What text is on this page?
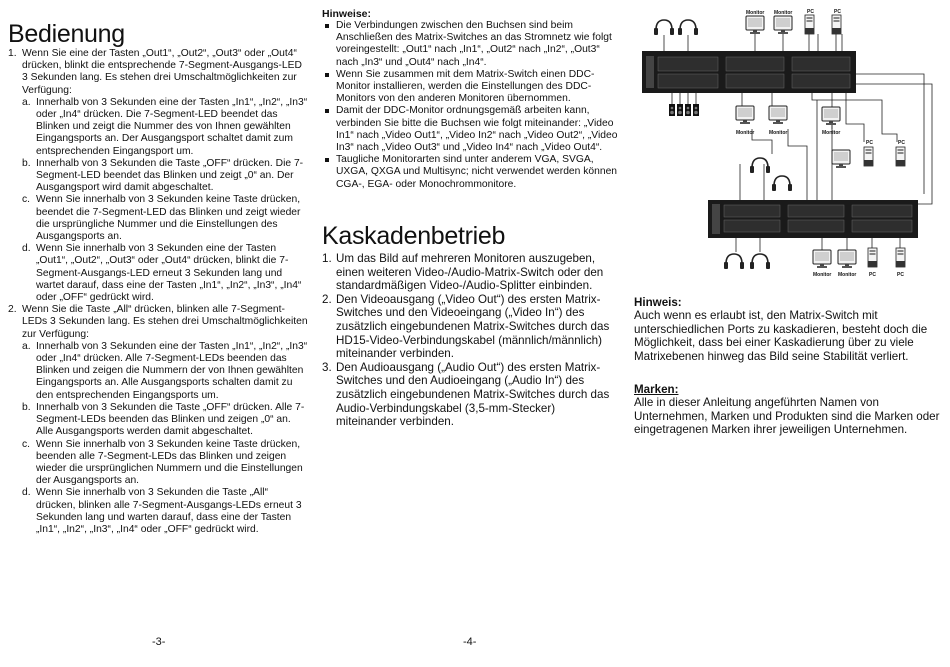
Bedienung
1. Wenn Sie eine der Tasten „Out1“, „Out2“, „Out3“ oder „Out4“ drücken, blinkt die entsprechende 7-Segment-Ausgangs-LED 3 Sekunden lang. Es stehen drei Umschaltmöglichkeiten zur Verfügung:
a. Innerhalb von 3 Sekunden eine der Tasten „In1“, „In2“, „In3“ oder „In4“ drücken. Die 7-Segment-LED beendet das Blinken und zeigt die Nummer des von Ihnen gewählten Eingangsports an. Der Ausgangsport schaltet damit zum entsprechenden Eingangsport um.
b. Innerhalb von 3 Sekunden die Taste „OFF“ drücken. Die 7-Segment-LED beendet das Blinken und zeigt „0“ an. Der Ausgangsport wird damit abgeschaltet.
c. Wenn Sie innerhalb von 3 Sekunden keine Taste drücken, beendet die 7-Segment-LED das Blinken und zeigt wieder die ursprüngliche Nummer und die Einstellungen des Ausgangsports an.
d. Wenn Sie innerhalb von 3 Sekunden eine der Tasten „Out1“, „Out2“, „Out3“ oder „Out4“ drücken, blinkt die 7-Segment-Ausgangs-LED erneut 3 Sekunden lang und wartet darauf, dass eine der Tasten „In1“, „In2“, „In3“, „In4“ oder „OFF“ gedrückt wird.
2. Wenn Sie die Taste „All“ drücken, blinken alle 7-Segment-LEDs 3 Sekunden lang. Es stehen drei Umschaltmöglichkeiten zur Verfügung:
a. Innerhalb von 3 Sekunden eine der Tasten „In1“, „In2“, „In3“ oder „In4“ drücken. Alle 7-Segment-LEDs beenden das Blinken und zeigen die Nummern der von Ihnen gewählten Eingangsports an. Alle Ausgangsports schalten damit zu den entsprechenden Eingangsports um.
b. Innerhalb von 3 Sekunden die Taste „OFF“ drücken. Alle 7-Segment-LEDs beenden das Blinken und zeigen „0“ an. Alle Ausgangsports werden damit abgeschaltet.
c. Wenn Sie innerhalb von 3 Sekunden keine Taste drücken, beenden alle 7-Segment-LEDs das Blinken und zeigen wieder die ursprünglichen Nummern und die Einstellungen der Ausgangsports an.
d. Wenn Sie innerhalb von 3 Sekunden die Taste „All“ drücken, blinken alle 7-Segment-Ausgangs-LEDs erneut 3 Sekunden lang und warten darauf, dass eine der Tasten „In1“, „In2“, „In3“, „In4“ oder „OFF“ gedrückt wird.
Hinweise:
Die Verbindungen zwischen den Buchsen sind beim Anschließen des Matrix-Switches an das Stromnetz wie folgt voreingestellt: „Out1“ nach „In1“, „Out2“ nach „In2“, „Out3“ nach „In3“ und „Out4“ nach „In4“.
Wenn Sie zusammen mit dem Matrix-Switch einen DDC-Monitor installieren, werden die Einstellungen des DDC-Monitors von den anderen Monitoren übernommen.
Damit der DDC-Monitor ordnungsgemäß arbeiten kann, verbinden Sie bitte die Buchsen wie folgt miteinander: „Video In1“ nach „Video Out1“, „Video In2“ nach „Video Out2“, „Video In3“ nach „Video Out3“ und „Video In4“ nach „Video Out4“.
Taugliche Monitorarten sind unter anderem VGA, SVGA, UXGA, QXGA und Multisync; nicht verwendet werden können CGA-, EGA- oder Monochrommonitore.
Kaskadenbetrieb
1. Um das Bild auf mehreren Monitoren auszugeben, einen weiteren Video-/Audio-Matrix-Switch oder den standardmäßigen Video-/Audio-Splitter einbinden.
2. Den Videoausgang („Video Out“) des ersten Matrix-Switches und den Videoeingang („Video In“) des zusätzlich eingebundenen Matrix-Switches durch das HD15-Video-Verbindungskabel (männlich/männlich) miteinander verbinden.
3. Den Audioausgang („Audio Out“) des ersten Matrix-Switches und den Audioeingang („Audio In“) des zusätzlich eingebundenen Matrix-Switches durch das Audio-Verbindungskabel (3,5-mm-Stecker) miteinander verbinden.
Hinweis:
Auch wenn es erlaubt ist, den Matrix-Switch mit unterschiedlichen Ports zu kaskadieren, besteht doch die Möglichkeit, dass bei einer Kaskadierung über zu viele Matrixebenen hinweg das Bild seine Stabilität verliert.
Marken:
Alle in dieser Anleitung angeführten Namen von Unternehmen, Marken und Produkten sind die Marken oder eingetragenen Marken ihrer jeweiligen Unternehmen.
Monitor Monitor	PC	PC
Monitor	Monitor	Monitor
PC	PC
Monitor Monitor	PC	PC
-3-	-4-
